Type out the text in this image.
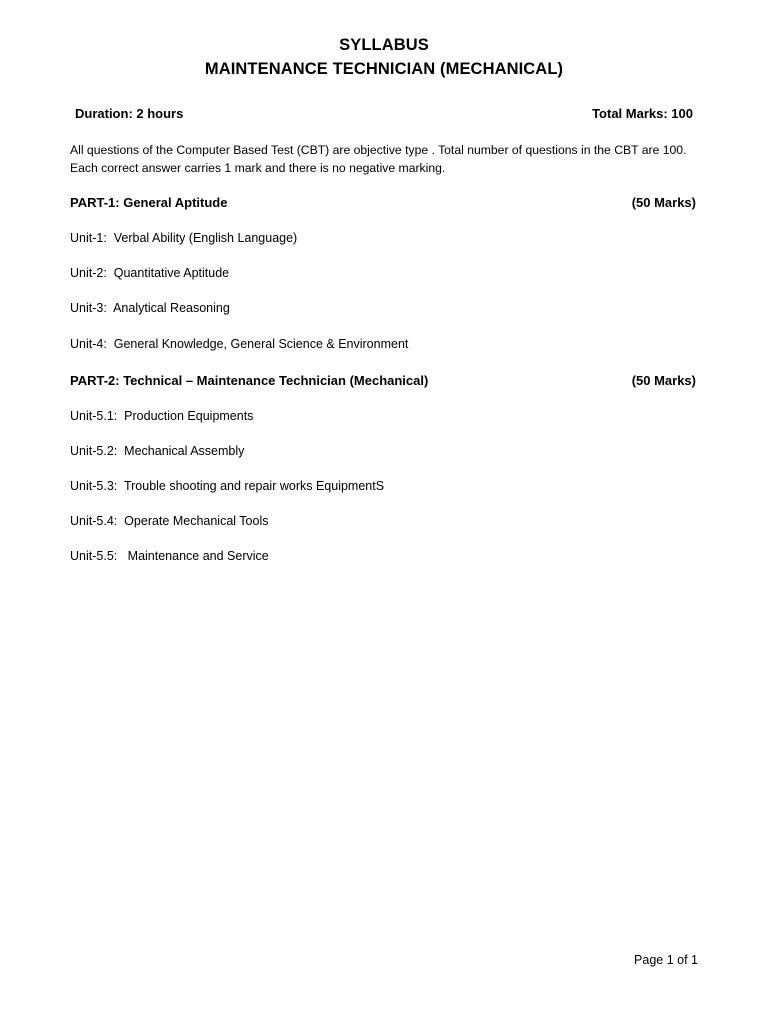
SYLLABUS
MAINTENANCE TECHNICIAN (MECHANICAL)
Duration: 2 hours	Total Marks: 100
All questions of the Computer Based Test (CBT) are objective type . Total number of questions in the CBT are 100. Each correct answer carries 1 mark and there is no negative marking.
PART-1: General Aptitude	(50 Marks)
Unit-1:  Verbal Ability (English Language)
Unit-2:  Quantitative Aptitude
Unit-3:  Analytical Reasoning
Unit-4:  General Knowledge, General Science & Environment
PART-2: Technical – Maintenance Technician (Mechanical)	(50 Marks)
Unit-5.1:  Production Equipments
Unit-5.2:  Mechanical Assembly
Unit-5.3:  Trouble shooting and repair works EquipmentS
Unit-5.4:  Operate Mechanical Tools
Unit-5.5:   Maintenance and Service
Page 1 of 1
